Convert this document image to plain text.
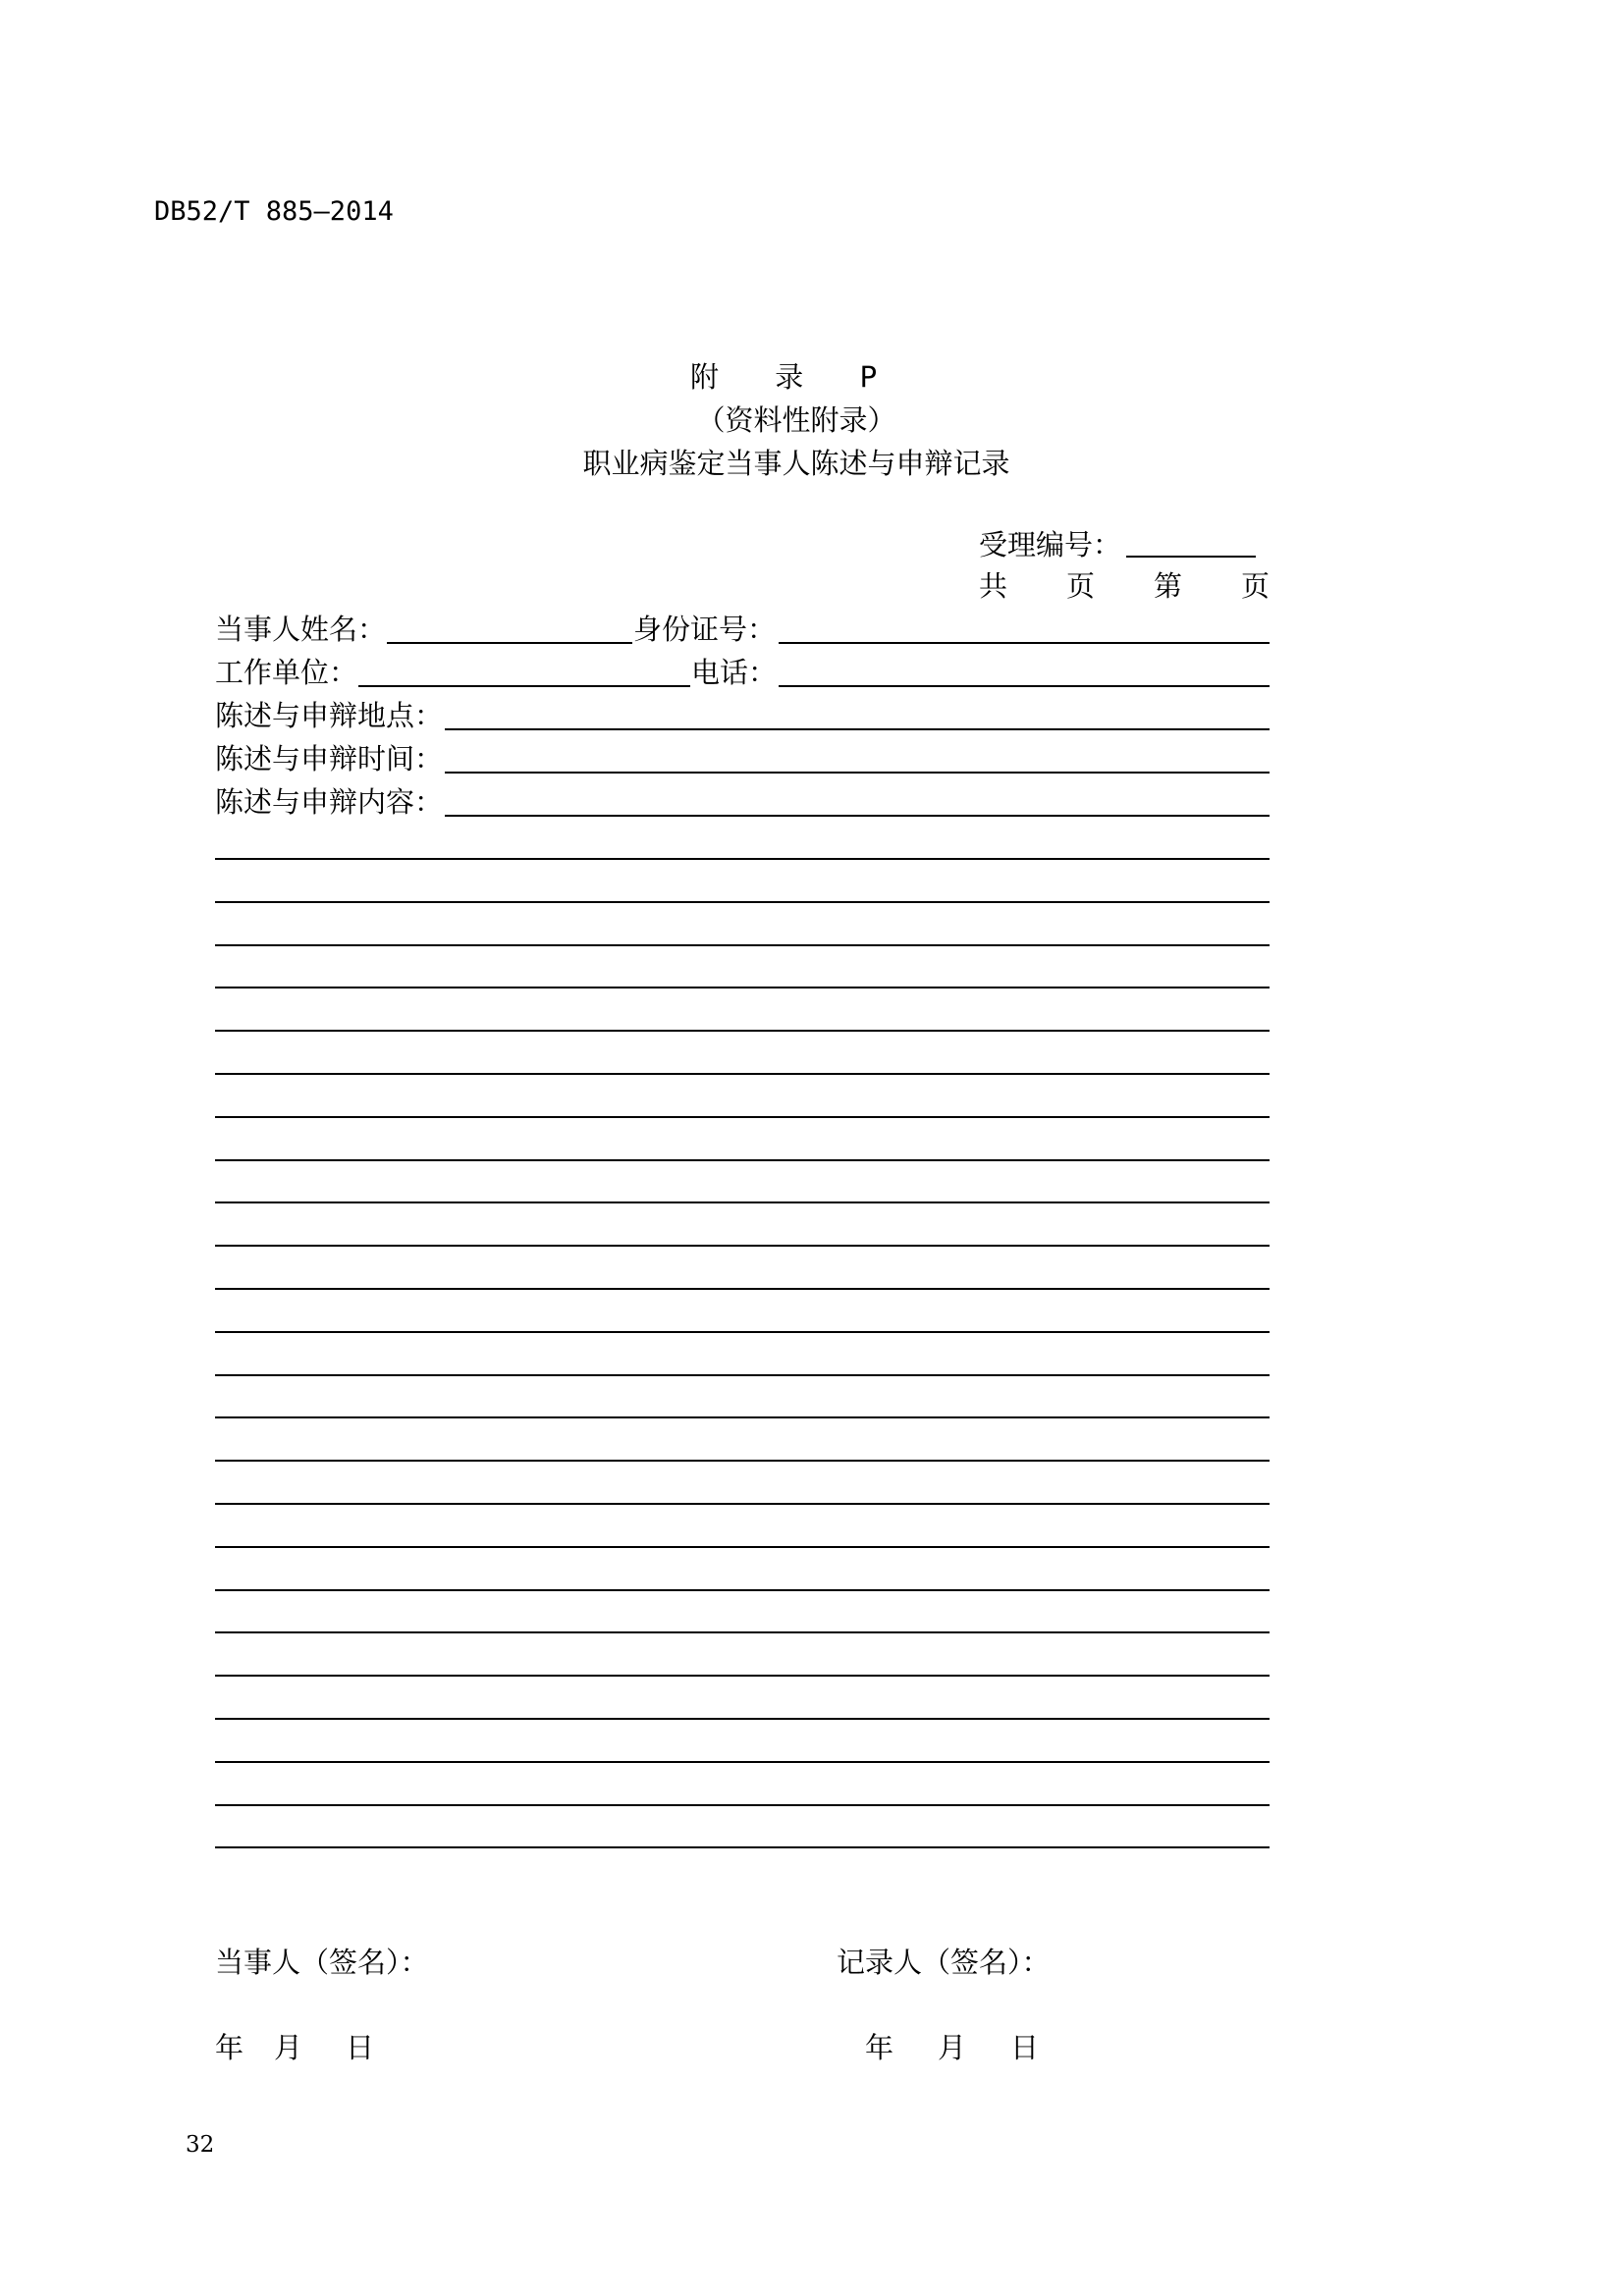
DB52/T 885—2014
附 录 P
（资料性附录）
职业病鉴定当事人陈述与申辩记录
受理编号：
共 页 第 页
当事人姓名：	身份证号：
工作单位：	电话：
陈述与申辩地点：
陈述与申辩时间：
陈述与申辩内容：
当事人（签名）：	记录人（签名）：
年 月 日	年 月 日
32
